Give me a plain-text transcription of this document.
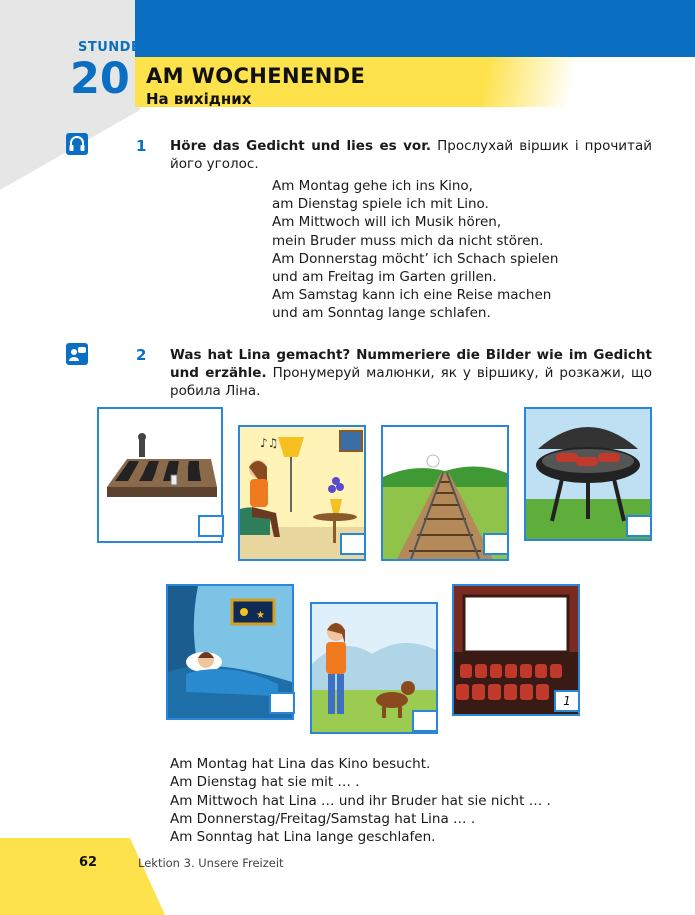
STUNDE
20 AM WOCHENENDE
На вихідних
1 Höre das Gedicht und lies es vor. Прослухай віршик і прочитай його уголос.
Am Montag gehe ich ins Kino,
am Dienstag spiele ich mit Lino.
Am Mittwoch will ich Musik hören,
mein Bruder muss mich da nicht stören.
Am Donnerstag möcht’ ich Schach spielen
und am Freitag im Garten grillen.
Am Samstag kann ich eine Reise machen
und am Sonntag lange schlafen.
2 Was hat Lina gemacht? Nummeriere die Bilder wie im Gedicht und erzähle. Пронумеруй малюнки, як у віршику, й розкажи, що робила Ліна.
♪♫
★
1
Am Montag hat Lina das Kino besucht.
Am Dienstag hat sie mit … .
Am Mittwoch hat Lina … und ihr Bruder hat sie nicht … .
Am Donnerstag/Freitag/Samstag hat Lina … .
Am Sonntag hat Lina lange geschlafen.
62	Lektion 3. Unsere Freizeit
